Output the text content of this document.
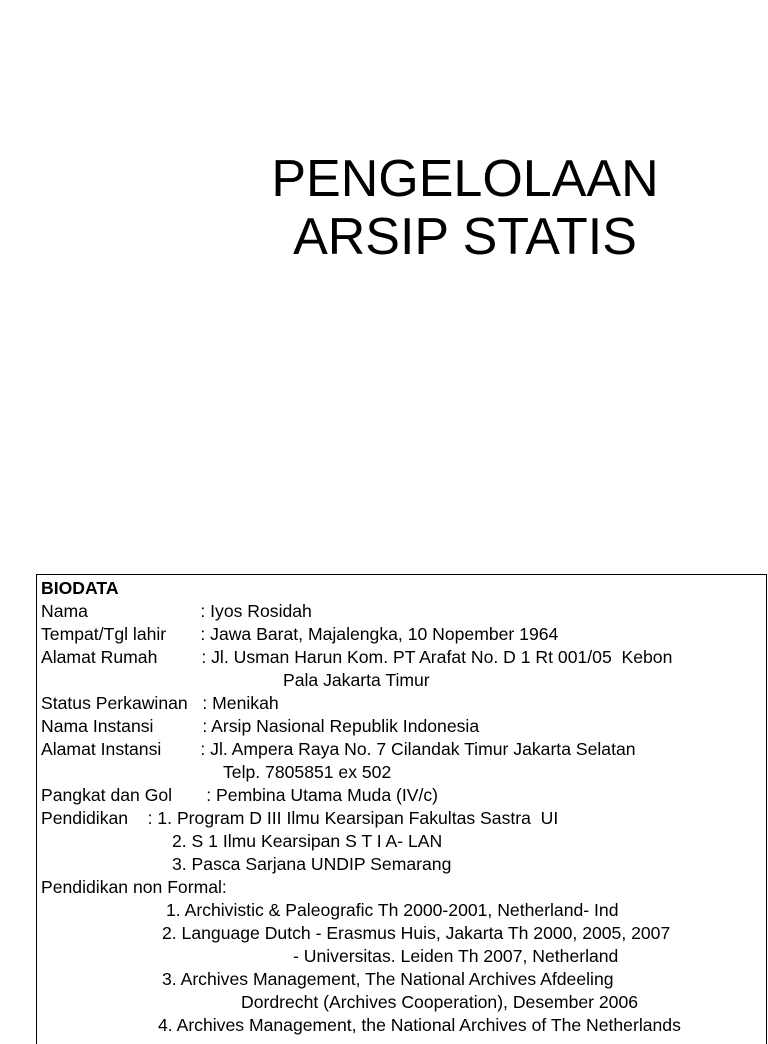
PENGELOLAAN
ARSIP STATIS
BIODATA
Nama                       : Iyos Rosidah
Tempat/Tgl lahir       : Jawa Barat, Majalengka, 10 Nopember 1964
Alamat Rumah         : Jl. Usman Harun Kom. PT Arafat No. D 1 Rt 001/05  Kebon
Pala Jakarta Timur
Status Perkawinan   : Menikah
Nama Instansi          : Arsip Nasional Republik Indonesia
Alamat Instansi        : Jl. Ampera Raya No. 7 Cilandak Timur Jakarta Selatan
Telp. 7805851 ex 502
Pangkat dan Gol       : Pembina Utama Muda (IV/c)
Pendidikan    : 1. Program D III Ilmu Kearsipan Fakultas Sastra  UI
2. S 1 Ilmu Kearsipan S T I A- LAN
3. Pasca Sarjana UNDIP Semarang
Pendidikan non Formal:
1. Archivistic & Paleografic Th 2000-2001, Netherland- Ind
2. Language Dutch - Erasmus Huis, Jakarta Th 2000, 2005, 2007
- Universitas. Leiden Th 2007, Netherland
3. Archives Management, The National Archives Afdeeling
Dordrecht (Archives Cooperation), Desember 2006
4. Archives Management, the National Archives of The Netherlands
